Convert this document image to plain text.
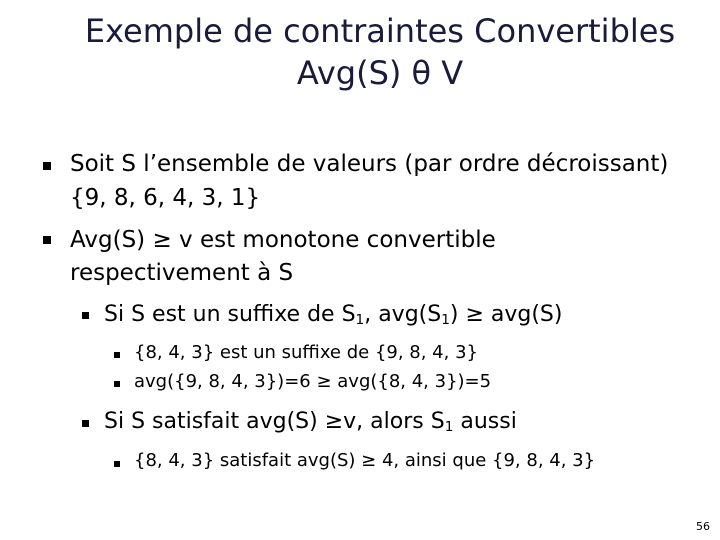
Exemple de contraintes Convertibles
Avg(S) θ V
Soit S l’ensemble de valeurs (par ordre décroissant)
{9, 8, 6, 4, 3, 1}
Avg(S) ≥ v est monotone convertible
respectivement à S
Si S est un suffixe de $S_1$, $avg(S_1) \ge avg(S)$
{8, 4, 3} est un suffixe de {9, 8, 4, 3}
avg({9, 8, 4, 3})=6 ≥ avg({8, 4, 3})=5
Si S satisfait avg(S) ≥v, alors $S_1$ aussi
{8, 4, 3} satisfait avg(S) ≥ 4, ainsi que {9, 8, 4, 3}
56
